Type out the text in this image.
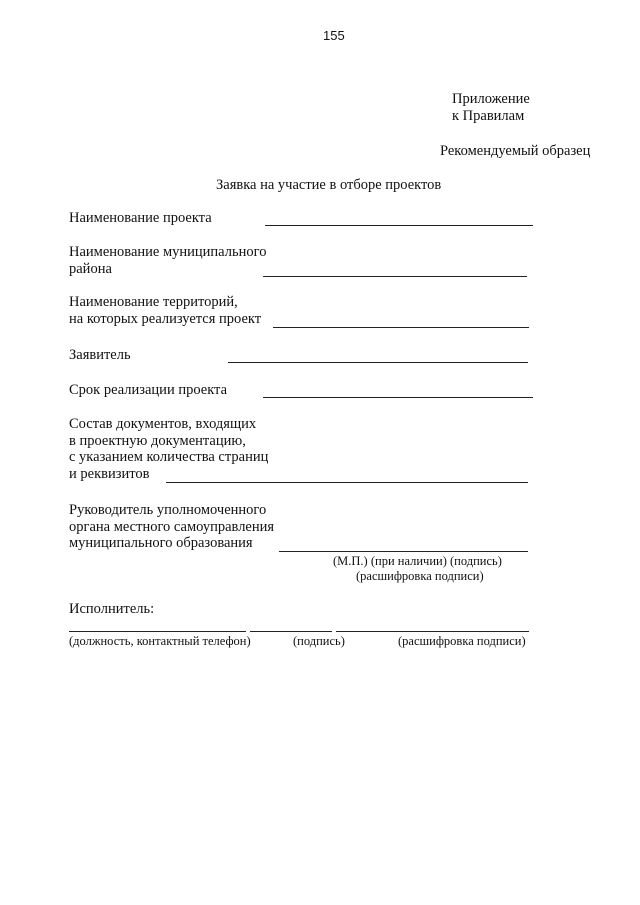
155
Приложение
к Правилам
Рекомендуемый образец
Заявка на участие в отборе проектов
Наименование проекта
Наименование муниципального
района
Наименование территорий,
на которых реализуется проект
Заявитель
Срок реализации проекта
Состав документов, входящих
в проектную документацию,
с указанием количества страниц
и реквизитов
Руководитель уполномоченного
органа местного самоуправления
муниципального образования
(М.П.) (при наличии) (подпись)
(расшифровка подписи)
Исполнитель:
(должность, контактный телефон)	(подпись)	(расшифровка подписи)
